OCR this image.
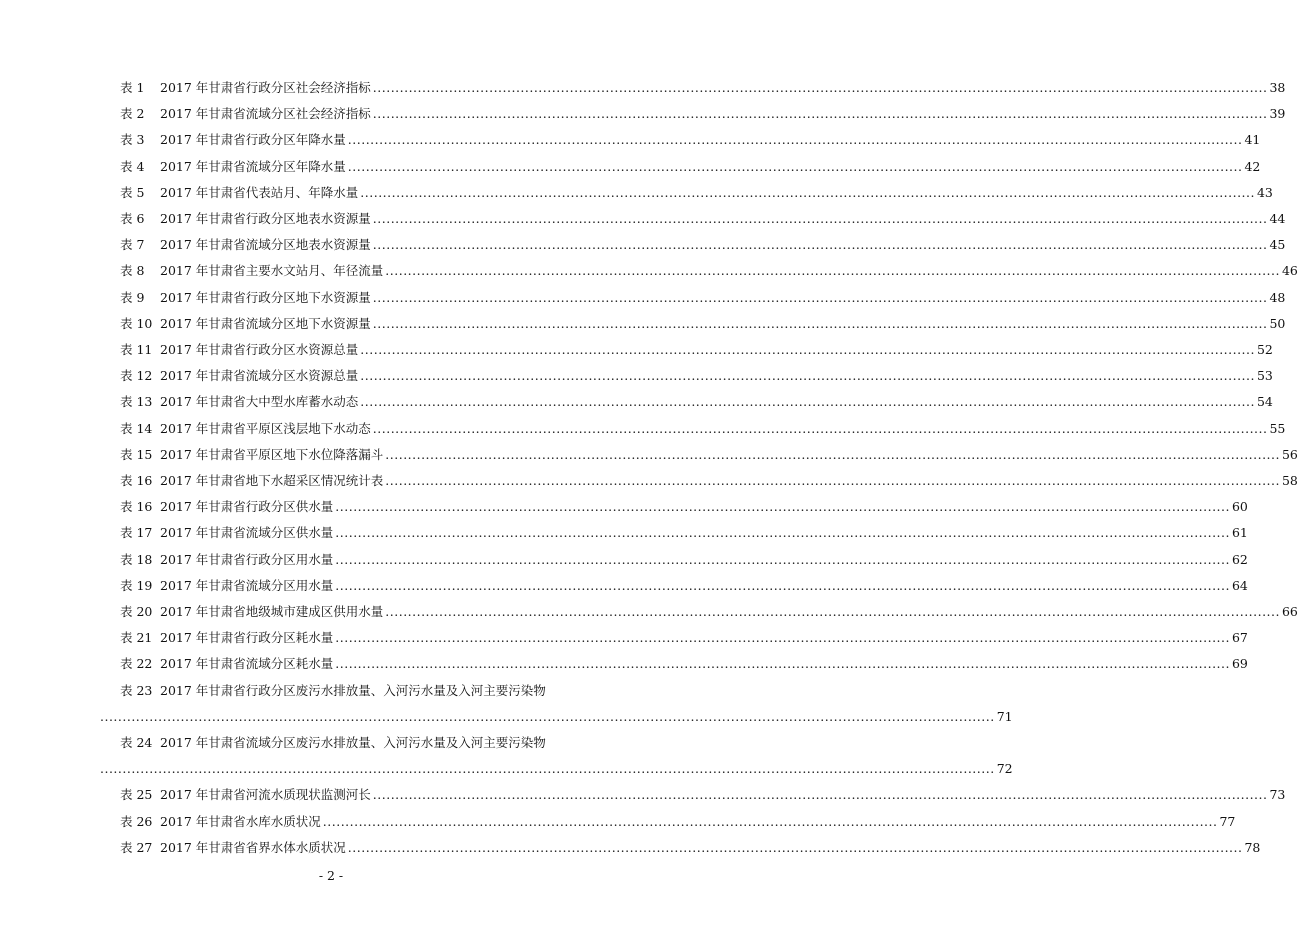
表 1	2017 年甘肃省行政分区社会经济指标 ........................................................................................................................................................................................................ 38
表 2	2017 年甘肃省流域分区社会经济指标 ........................................................................................................................................................................................................ 39
表 3	2017 年甘肃省行政分区年降水量 ........................................................................................................................................................................................................ 41
表 4	2017 年甘肃省流域分区年降水量 ........................................................................................................................................................................................................ 42
表 5	2017 年甘肃省代表站月、年降水量 ........................................................................................................................................................................................................ 43
表 6	2017 年甘肃省行政分区地表水资源量 ........................................................................................................................................................................................................ 44
表 7	2017 年甘肃省流域分区地表水资源量 ........................................................................................................................................................................................................ 45
表 8	2017 年甘肃省主要水文站月、年径流量 ........................................................................................................................................................................................................ 46
表 9	2017 年甘肃省行政分区地下水资源量 ........................................................................................................................................................................................................ 48
表 10 2017 年甘肃省流域分区地下水资源量 ........................................................................................................................................................................................................ 50
表 11 2017 年甘肃省行政分区水资源总量 ........................................................................................................................................................................................................ 52
表 12 2017 年甘肃省流域分区水资源总量 ........................................................................................................................................................................................................ 53
表 13 2017 年甘肃省大中型水库蓄水动态 ........................................................................................................................................................................................................ 54
表 14 2017 年甘肃省平原区浅层地下水动态 ........................................................................................................................................................................................................ 55
表 15 2017 年甘肃省平原区地下水位降落漏斗 ........................................................................................................................................................................................................ 56
表 16 2017 年甘肃省地下水超采区情况统计表 ........................................................................................................................................................................................................ 58
表 16 2017 年甘肃省行政分区供水量 ........................................................................................................................................................................................................ 60
表 17 2017 年甘肃省流域分区供水量 ........................................................................................................................................................................................................ 61
表 18 2017 年甘肃省行政分区用水量 ........................................................................................................................................................................................................ 62
表 19 2017 年甘肃省流域分区用水量 ........................................................................................................................................................................................................ 64
表 20 2017 年甘肃省地级城市建成区供用水量 ........................................................................................................................................................................................................ 66
表 21 2017 年甘肃省行政分区耗水量 ........................................................................................................................................................................................................ 67
表 22 2017 年甘肃省流域分区耗水量 ........................................................................................................................................................................................................ 69
表 23 2017 年甘肃省行政分区废污水排放量、入河污水量及入河主要污染物
........................................................................................................................................................................................................ 71
表 24 2017 年甘肃省流域分区废污水排放量、入河污水量及入河主要污染物
........................................................................................................................................................................................................ 72
表 25 2017 年甘肃省河流水质现状监测河长 ........................................................................................................................................................................................................ 73
表 26 2017 年甘肃省水库水质状况 ........................................................................................................................................................................................................ 77
表 27 2017 年甘肃省省界水体水质状况 ........................................................................................................................................................................................................ 78
- 2 -
